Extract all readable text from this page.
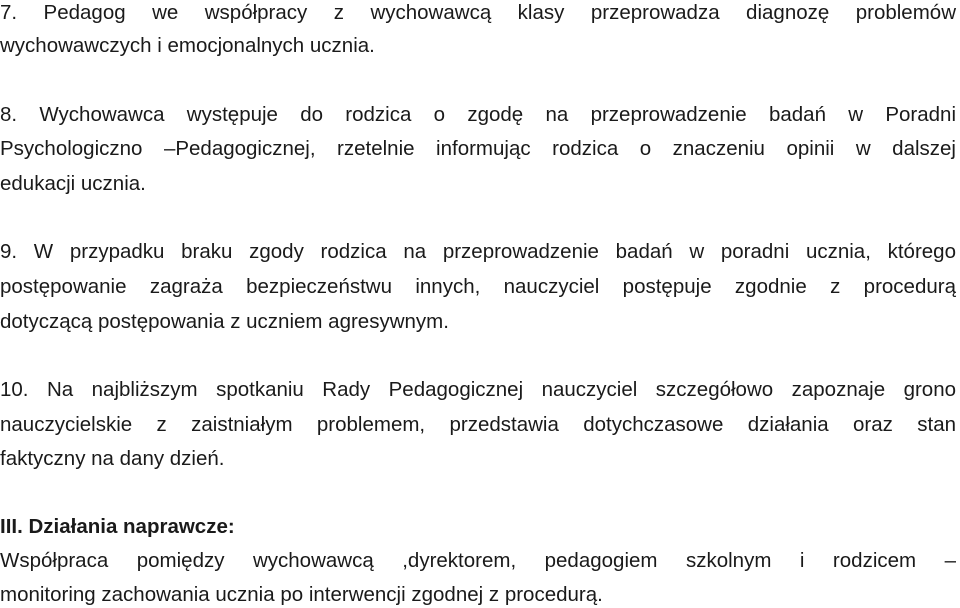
7. Pedagog we współpracy z wychowawcą klasy przeprowadza diagnozę problemów
wychowawczych i emocjonalnych ucznia.
8. Wychowawca występuje do rodzica o zgodę na przeprowadzenie badań w Poradni
Psychologiczno –Pedagogicznej, rzetelnie informując rodzica o znaczeniu opinii w dalszej
edukacji ucznia.
9. W przypadku braku zgody rodzica na przeprowadzenie badań w poradni ucznia, którego
postępowanie zagraża bezpieczeństwu innych, nauczyciel postępuje zgodnie z procedurą
dotyczącą postępowania z uczniem agresywnym.
10. Na najbliższym spotkaniu Rady Pedagogicznej nauczyciel szczegółowo zapoznaje grono
nauczycielskie z zaistniałym problemem, przedstawia dotychczasowe działania oraz stan
faktyczny na dany dzień.
III. Działania naprawcze:
Współpraca pomiędzy wychowawcą ,dyrektorem, pedagogiem szkolnym i rodzicem –
monitoring zachowania ucznia po interwencji zgodnej z procedurą.
